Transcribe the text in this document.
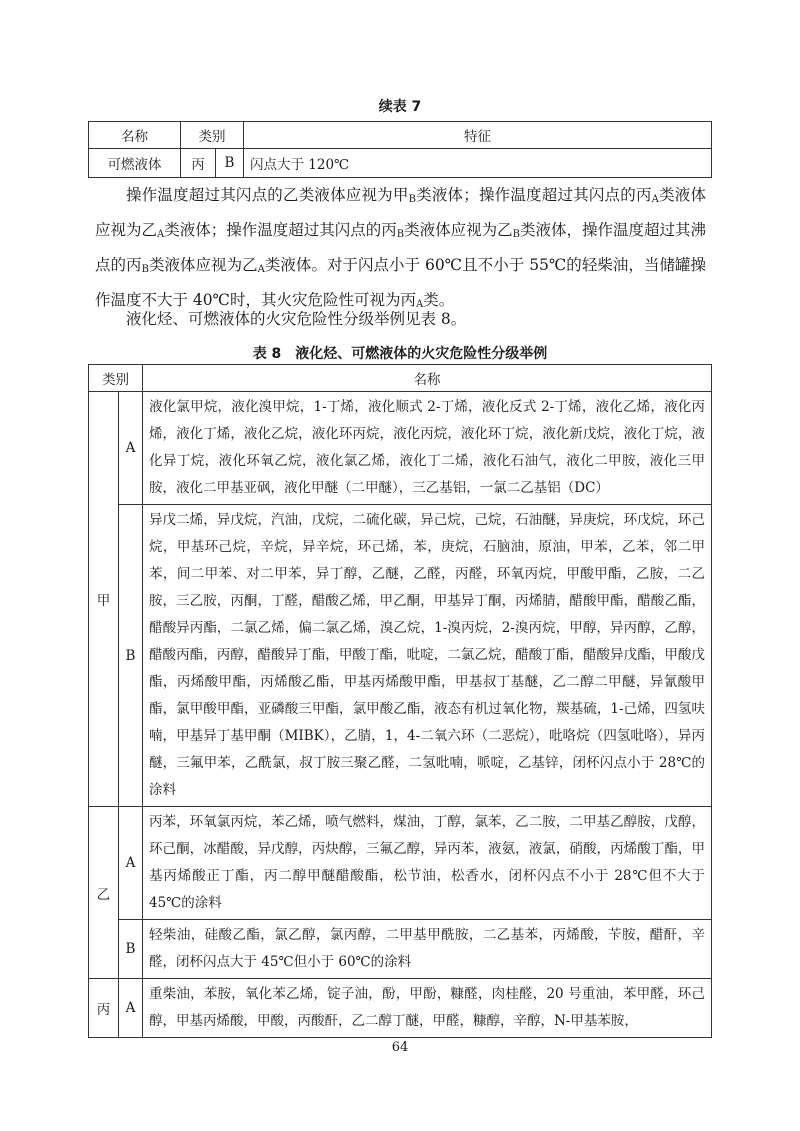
续表 7
名称	类别		特征
可燃液体	丙	B	闪点大于 120℃

操作温度超过其闪点的乙类液体应视为甲$_B$类液体；操作温度超过其闪点的丙$_A$类液体应视为乙$_A$类液体；操作温度超过其闪点的丙$_B$类液体应视为乙$_B$类液体，操作温度超过其沸点的丙$_B$类液体应视为乙$_A$类液体。对于闪点小于 60℃且不小于 55℃的轻柴油，当储罐操作温度不大于 40℃时，其火灾危险性可视为丙$_A$类。

液化烃、可燃液体的火灾危险性分级举例见表 8。

表 8　液化烃、可燃液体的火灾危险性分级举例
类别		名称
甲	A	液化氯甲烷，液化溴甲烷，1-丁烯，液化顺式 2-丁烯，液化反式 2-丁烯，液化乙烯，液化丙烯，液化丁烯，液化乙烷，液化环丙烷，液化丙烷，液化环丁烷，液化新戊烷，液化丁烷，液化异丁烷，液化环氧乙烷，液化氯乙烯，液化丁二烯，液化石油气，液化二甲胺，液化三甲胺，液化二甲基亚砜，液化甲醚（二甲醚），三乙基铝，一氯二乙基铝（DC）
	B	异戊二烯，异戊烷，汽油，戊烷，二硫化碳，异己烷，己烷，石油醚，异庚烷，环戊烷，环己烷，甲基环己烷，辛烷，异辛烷，环己烯，苯，庚烷，石脑油，原油，甲苯，乙苯，邻二甲苯，间二甲苯、对二甲苯，异丁醇，乙醚，乙醛，丙醛，环氧丙烷，甲酸甲酯，乙胺，二乙胺，三乙胺，丙酮，丁醛，醋酸乙烯，甲乙酮，甲基异丁酮，丙烯腈，醋酸甲酯，醋酸乙酯，醋酸异丙酯，二氯乙烯，偏二氯乙烯，溴乙烷，1-溴丙烷，2-溴丙烷，甲醇，异丙醇，乙醇，醋酸丙酯，丙醇，醋酸异丁酯，甲酸丁酯，吡啶，二氯乙烷，醋酸丁酯，醋酸异戊酯，甲酸戊酯，丙烯酸甲酯，丙烯酸乙酯，甲基丙烯酸甲酯，甲基叔丁基醚，乙二醇二甲醚，异氰酸甲酯，氯甲酸甲酯，亚磷酸三甲酯，氯甲酸乙酯，液态有机过氧化物，羰基硫，1-己烯，四氢呋喃，甲基异丁基甲酮（MIBK），乙腈，1，4-二氧六环（二恶烷），吡咯烷（四氢吡咯），异丙醚，三氟甲苯，乙酰氯，叔丁胺三聚乙醛，二氢吡喃，哌啶，乙基锌，闭杯闪点小于 28℃的涂料
乙	A	丙苯，环氧氯丙烷，苯乙烯，喷气燃料，煤油，丁醇，氯苯，乙二胺，二甲基乙醇胺，戊醇，环己酮，冰醋酸，异戊醇，丙炔醇，三氟乙醇，异丙苯，液氨，液氯，硝酸，丙烯酸丁酯，甲基丙烯酸正丁酯，丙二醇甲醚醋酸酯，松节油，松香水，闭杯闪点不小于 28℃但不大于 45℃的涂料
	B	轻柴油，硅酸乙酯，氯乙醇，氯丙醇，二甲基甲酰胺，二乙基苯，丙烯酸，苄胺，醋酐，辛醛，闭杯闪点大于 45℃但小于 60℃的涂料
丙	A	重柴油，苯胺，氧化苯乙烯，锭子油，酚，甲酚，糠醛，肉桂醛，20 号重油，苯甲醛，环己醇，甲基丙烯酸，甲酸，丙酸酐，乙二醇丁醚，甲醛，糠醇，辛醇，N-甲基苯胺，
64
